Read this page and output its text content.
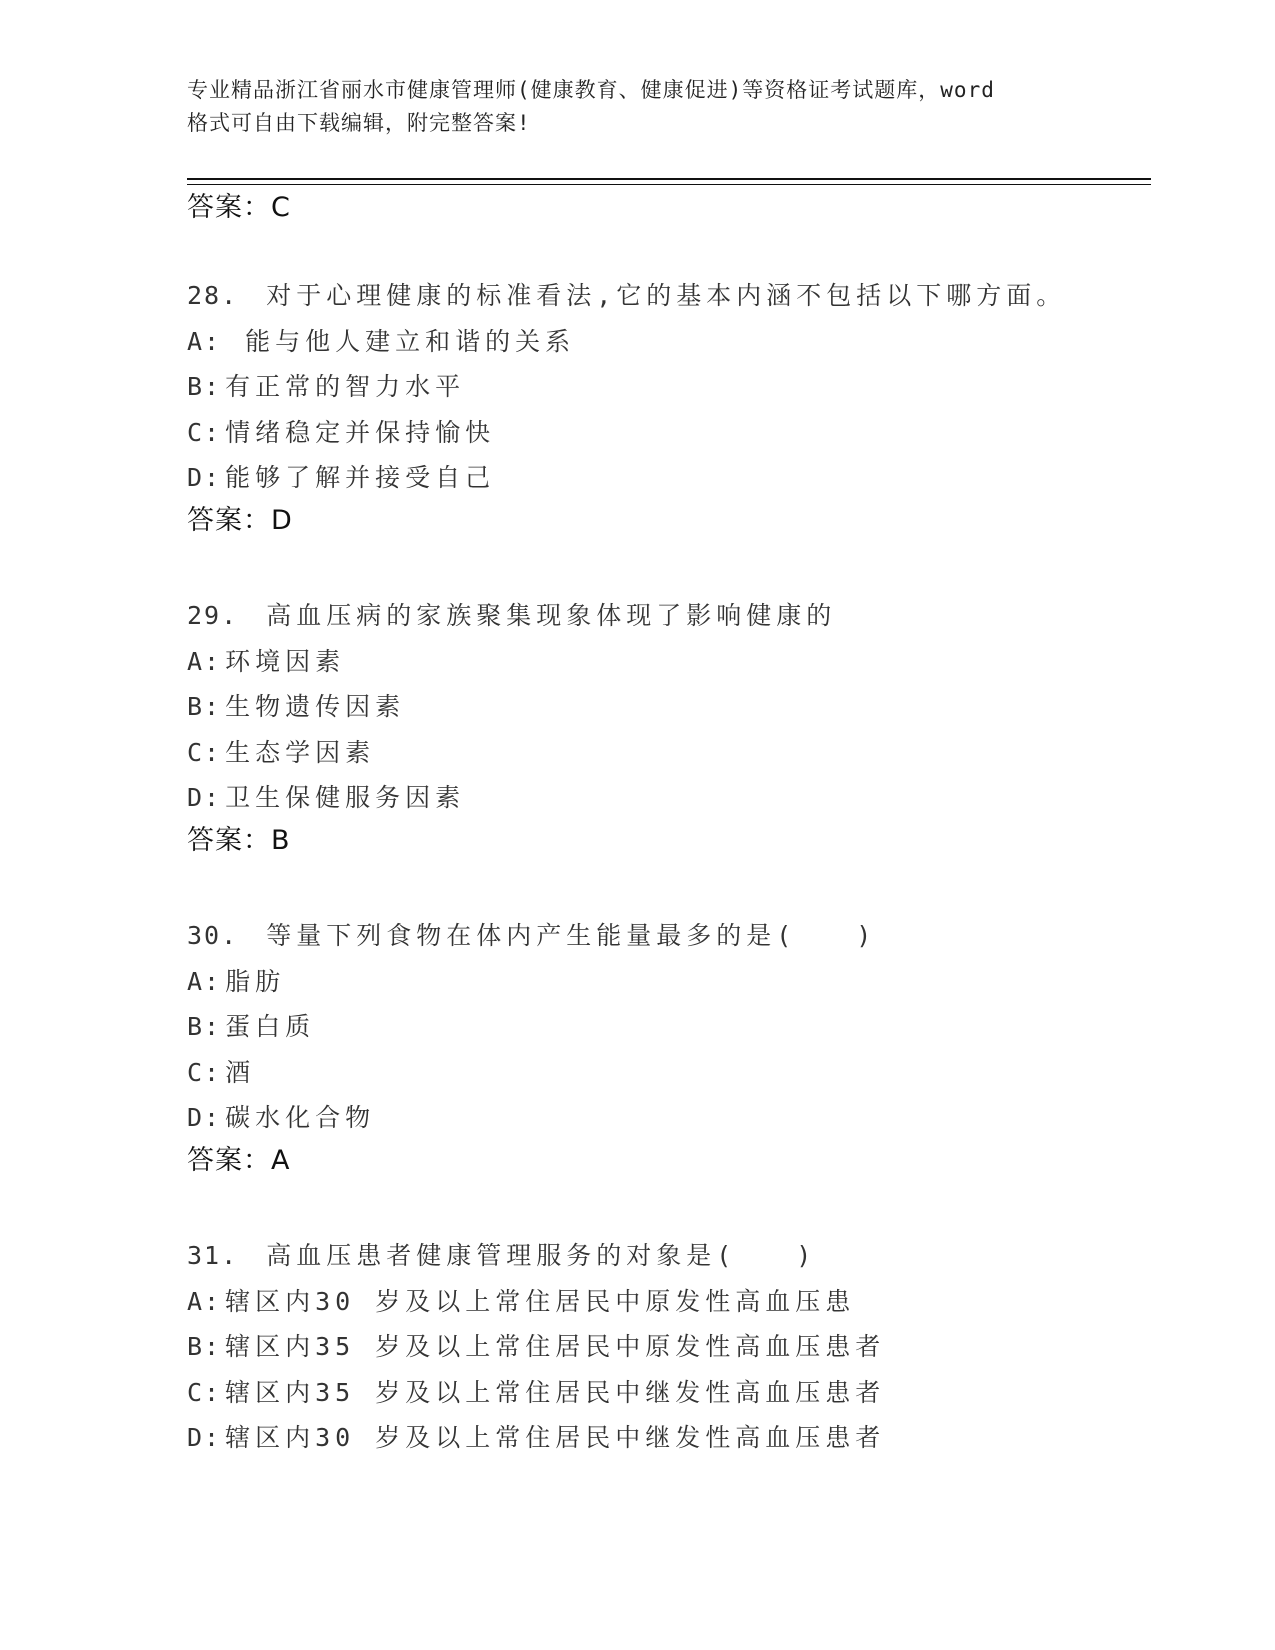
专业精品浙江省丽水市健康管理师(健康教育、健康促进)等资格证考试题库，word
格式可自由下载编辑，附完整答案!
答案：C
28. 对于心理健康的标准看法,它的基本内涵不包括以下哪方面。
A: 能与他人建立和谐的关系
B: 有正常的智力水平
C: 情绪稳定并保持愉快
D: 能够了解并接受自己
答案：D
29. 高血压病的家族聚集现象体现了影响健康的
A: 环境因素
B: 生物遗传因素
C: 生态学因素
D: 卫生保健服务因素
答案：B
30. 等量下列食物在体内产生能量最多的是(　　)
A: 脂肪
B: 蛋白质
C: 酒
D: 碳水化合物
答案：A
31. 高血压患者健康管理服务的对象是(　　)
A: 辖区内30 岁及以上常住居民中原发性高血压患
B: 辖区内35 岁及以上常住居民中原发性高血压患者
C: 辖区内35 岁及以上常住居民中继发性高血压患者
D: 辖区内30 岁及以上常住居民中继发性高血压患者
